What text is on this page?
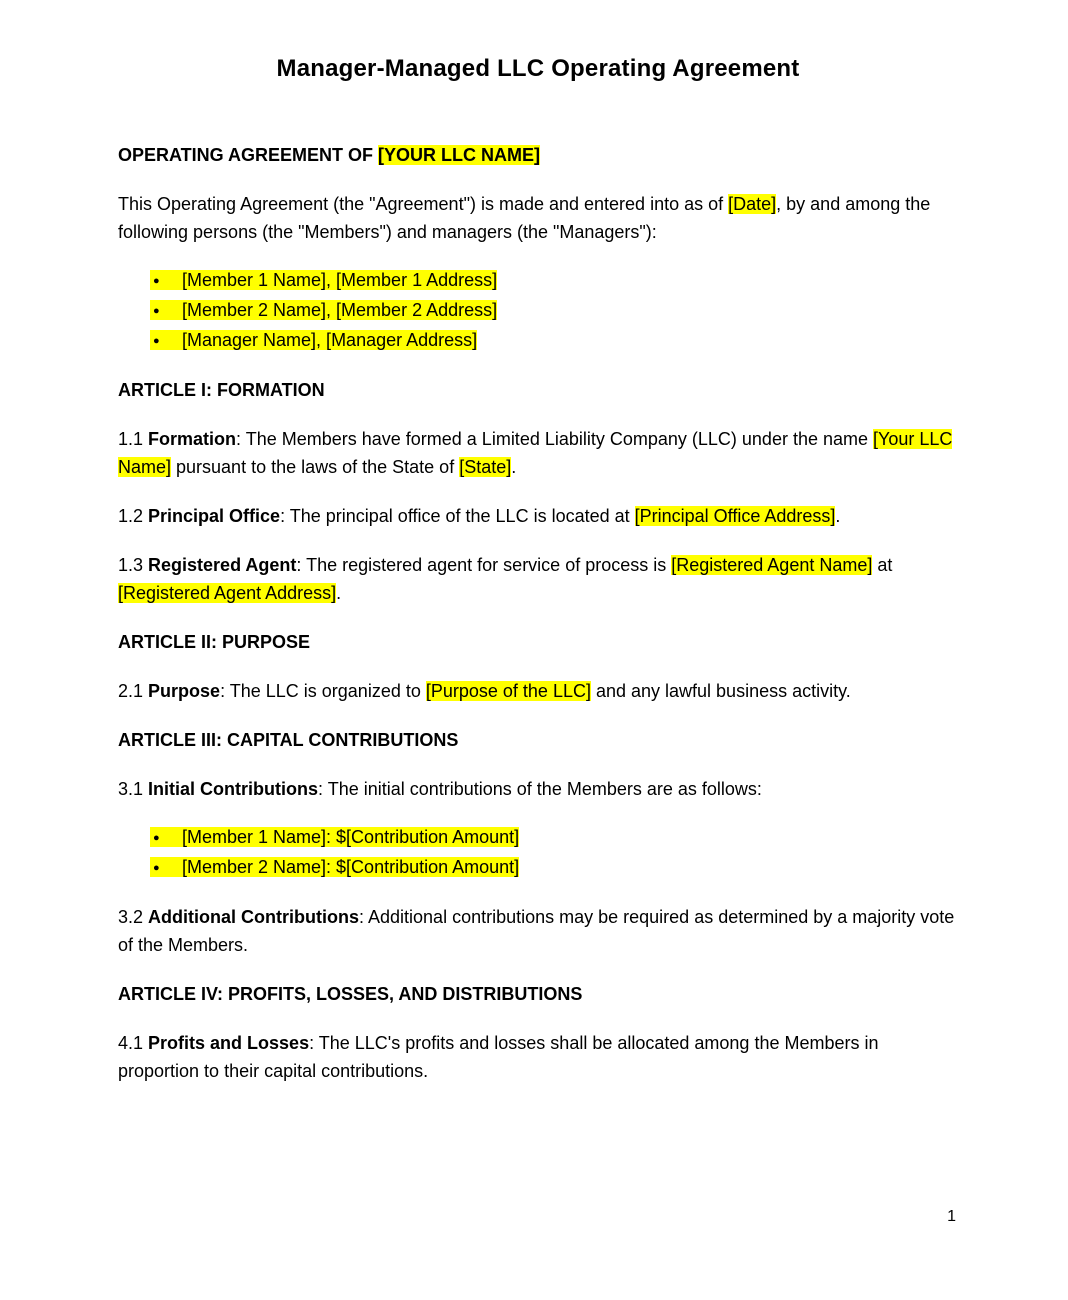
Manager-Managed LLC Operating Agreement

OPERATING AGREEMENT OF [YOUR LLC NAME]

This Operating Agreement (the "Agreement") is made and entered into as of [Date], by and among the following persons (the "Members") and managers (the "Managers"):

● [Member 1 Name], [Member 1 Address]
● [Member 2 Name], [Member 2 Address]
● [Manager Name], [Manager Address]

ARTICLE I: FORMATION

1.1 Formation: The Members have formed a Limited Liability Company (LLC) under the name [Your LLC Name] pursuant to the laws of the State of [State].

1.2 Principal Office: The principal office of the LLC is located at [Principal Office Address].

1.3 Registered Agent: The registered agent for service of process is [Registered Agent Name] at [Registered Agent Address].

ARTICLE II: PURPOSE

2.1 Purpose: The LLC is organized to [Purpose of the LLC] and any lawful business activity.

ARTICLE III: CAPITAL CONTRIBUTIONS

3.1 Initial Contributions: The initial contributions of the Members are as follows:

● [Member 1 Name]: $[Contribution Amount]
● [Member 2 Name]: $[Contribution Amount]

3.2 Additional Contributions: Additional contributions may be required as determined by a majority vote of the Members.

ARTICLE IV: PROFITS, LOSSES, AND DISTRIBUTIONS

4.1 Profits and Losses: The LLC's profits and losses shall be allocated among the Members in proportion to their capital contributions.

1
